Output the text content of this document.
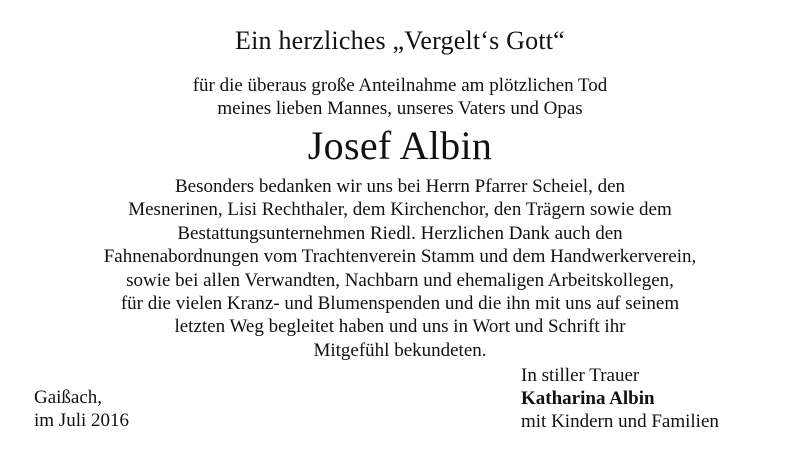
Ein herzliches „Vergelt‘s Gott“
für die überaus große Anteilnahme am plötzlichen Tod
meines lieben Mannes, unseres Vaters und Opas
Josef Albin
Besonders bedanken wir uns bei Herrn Pfarrer Scheiel, den
Mesnerinen, Lisi Rechthaler, dem Kirchenchor, den Trägern sowie dem
Bestattungsunternehmen Riedl. Herzlichen Dank auch den
Fahnenabordnungen vom Trachtenverein Stamm und dem Handwerkerverein,
sowie bei allen Verwandten, Nachbarn und ehemaligen Arbeitskollegen,
für die vielen Kranz- und Blumenspenden und die ihn mit uns auf seinem
letzten Weg begleitet haben und uns in Wort und Schrift ihr
Mitgefühl bekundeten.
Gaißach,
im Juli 2016
In stiller Trauer
Katharina Albin
mit Kindern und Familien
